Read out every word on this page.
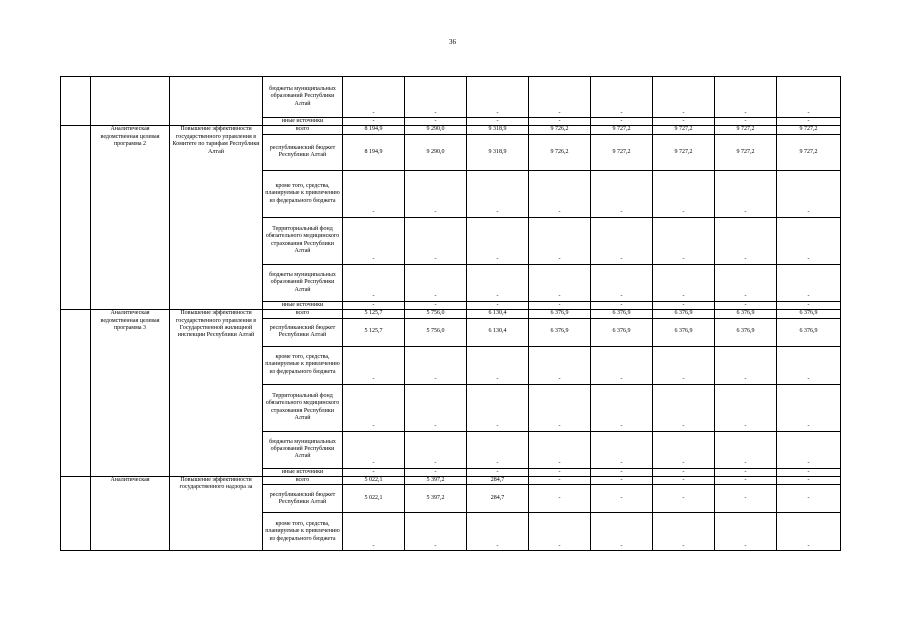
36
			бюджеты муниципальных образований Республики Алтай	-	-	-	-	-	-	-	-
			иные источники	-	-	-	-	-	-	-	-
	Аналитическая ведомственная целевая программа 2	Повышение эффективности государственного управления в Комитете по тарифам Республики Алтай	всего	8 194,9	9 290,0	9 318,9	9 726,2	9 727,2	9 727,2	9 727,2	9 727,2
			республиканский бюджет Республики Алтай	8 194,9	9 290,0	9 318,9	9 726,2	9 727,2	9 727,2	9 727,2	9 727,2
			кроме того, средства, планируемые к привлечению из федерального бюджета	-	-	-	-	-	-	-	-
			Территориальный фонд обязательного медицинского страхования Республики Алтай	-	-	-	-	-	-	-	-
			бюджеты муниципальных образований Республики Алтай	-	-	-	-	-	-	-	-
			иные источники	-	-	-	-	-	-	-	-
	Аналитическая ведомственная целевая программа 3	Повышение эффективности государственного управления в Государственной жилищной инспекции Республики Алтай	всего	5 125,7	5 756,0	6 130,4	6 376,9	6 376,9	6 376,9	6 376,9	6 376,9
			республиканский бюджет Республики Алтай	5 125,7	5 756,0	6 130,4	6 376,9	6 376,9	6 376,9	6 376,9	6 376,9
			кроме того, средства, планируемые к привлечению из федерального бюджета	-	-	-	-	-	-	-	-
			Территориальный фонд обязательного медицинского страхования Республики Алтай	-	-	-	-	-	-	-	-
			бюджеты муниципальных образований Республики Алтай	-	-	-	-	-	-	-	-
			иные источники	-	-	-	-	-	-	-	-
	Аналитическая	Повышение эффективности государственного надзора за	всего	5 022,1	5 397,2	284,7	-	-	-	-	-
			республиканский бюджет Республики Алтай	5 022,1	5 397,2	284,7	-	-	-	-	-
			кроме того, средства, планируемые к привлечению из федерального бюджета	-	-	-	-	-	-	-	-
